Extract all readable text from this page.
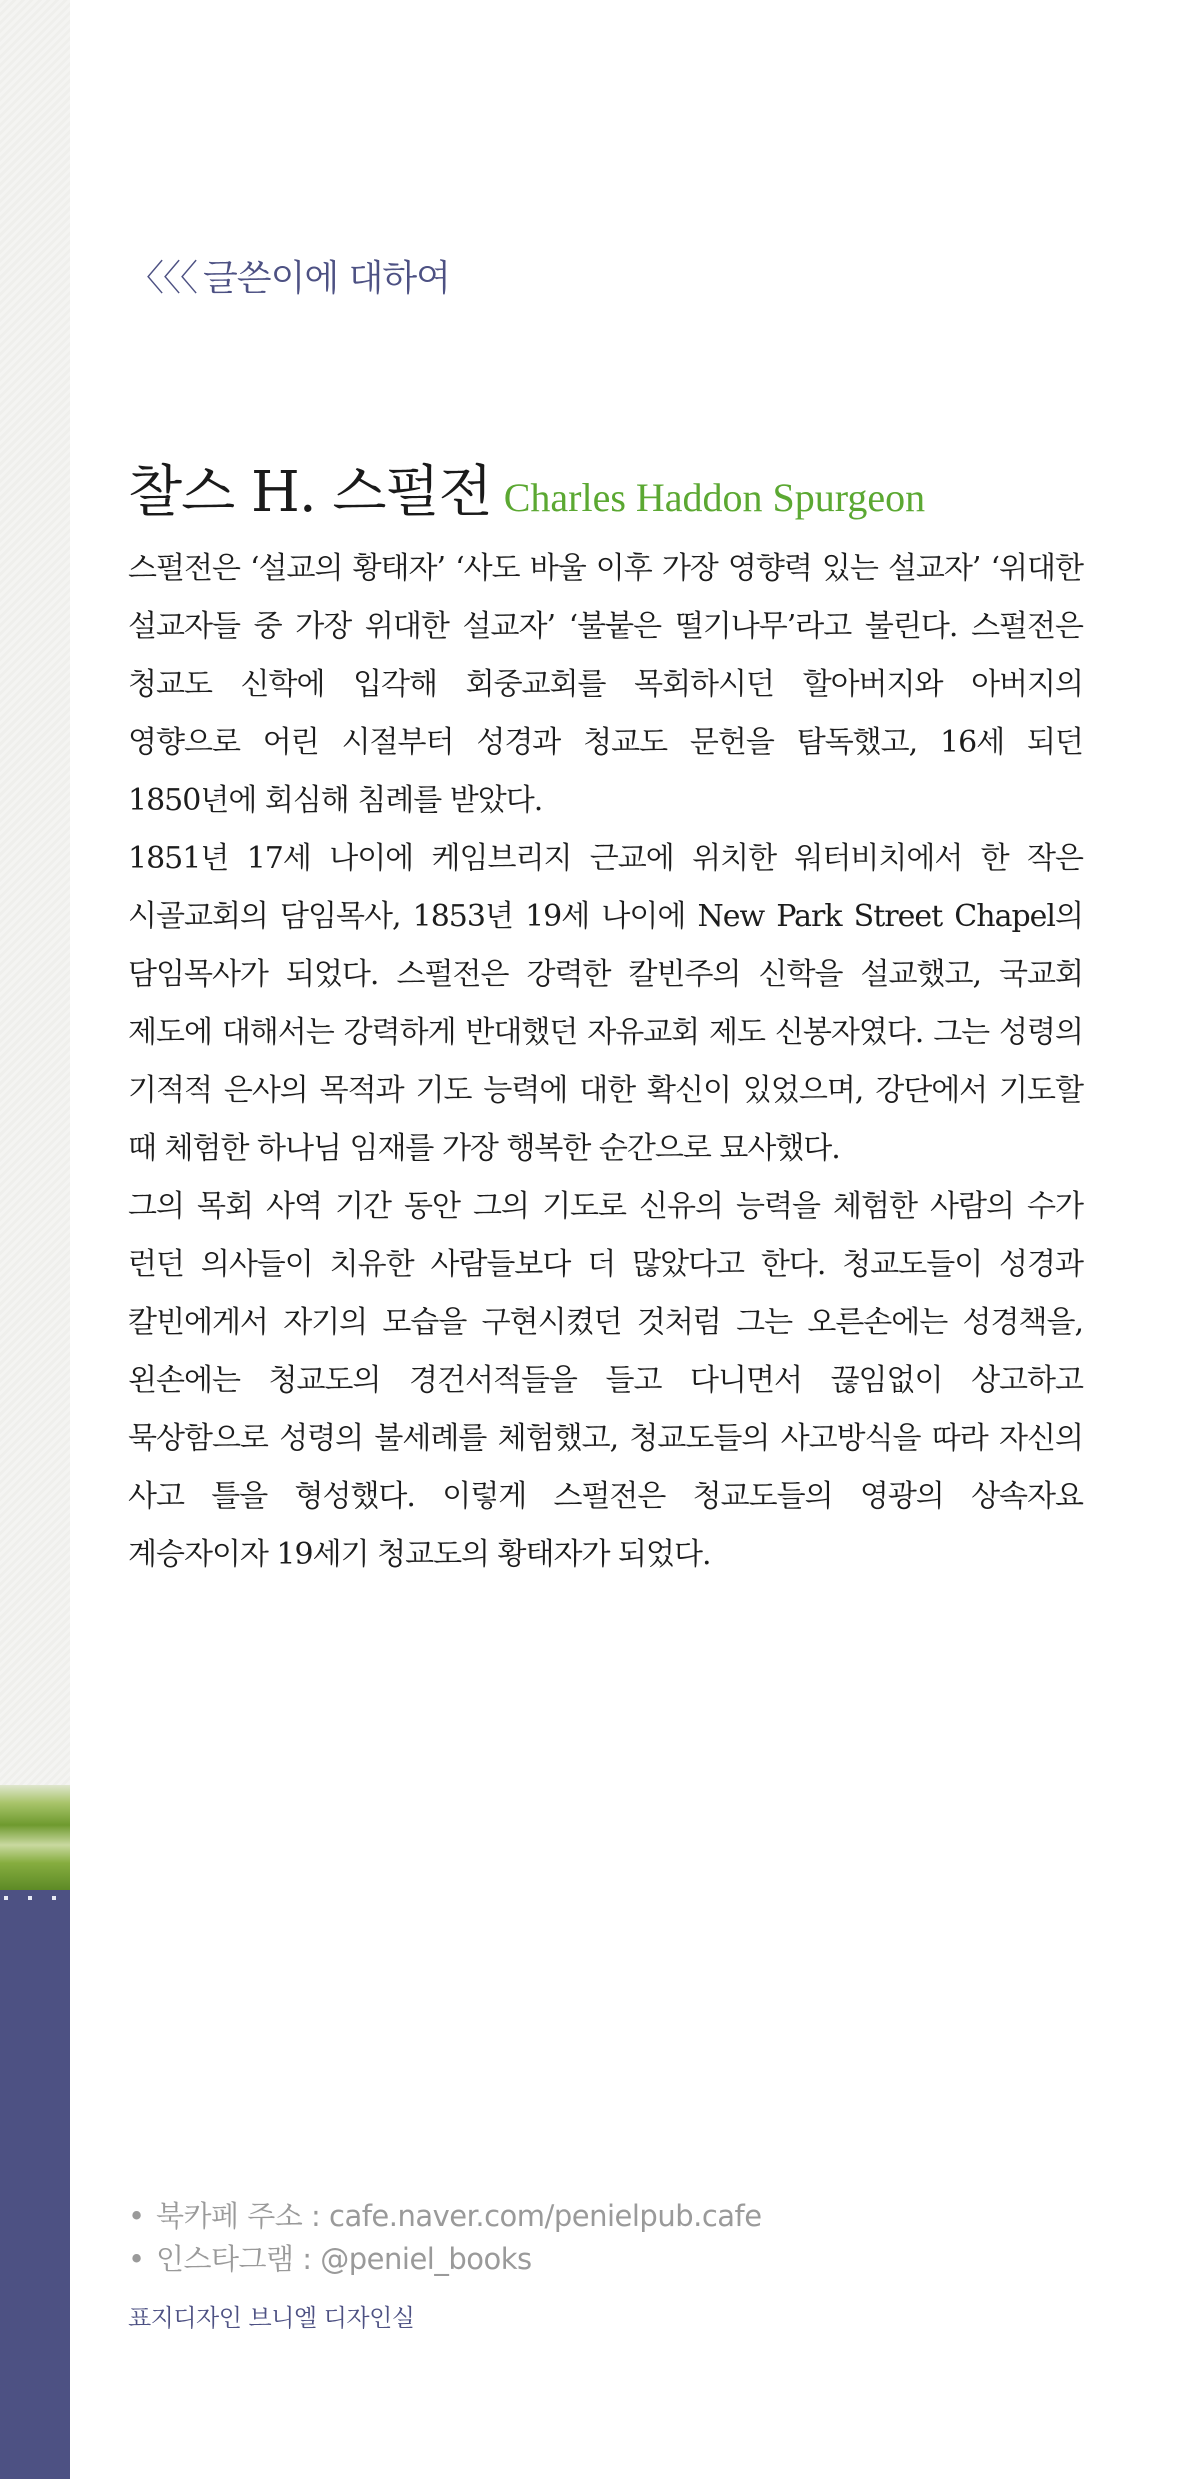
〈〈〈 글쓴이에 대하여
찰스 H. 스펄전 Charles Haddon Spurgeon

스펄전은 ‘설교의 황태자’ ‘사도 바울 이후 가장 영향력 있는 설교자’ ‘위대한 설교자들 중 가장 위대한 설교자’ ‘불붙은 떨기나무’라고 불린다. 스펄전은 청교도 신학에 입각해 회중교회를 목회하시던 할아버지와 아버지의 영향으로 어린 시절부터 성경과 청교도 문헌을 탐독했고, 16세 되던 1850년에 회심해 침례를 받았다.

1851년 17세 나이에 케임브리지 근교에 위치한 워터비치에서 한 작은 시골교회의 담임목사, 1853년 19세 나이에 New Park Street Chapel의 담임목사가 되었다. 스펄전은 강력한 칼빈주의 신학을 설교했고, 국교회 제도에 대해서는 강력하게 반대했던 자유교회 제도 신봉자였다. 그는 성령의 기적적 은사의 목적과 기도 능력에 대한 확신이 있었으며, 강단에서 기도할 때 체험한 하나님 임재를 가장 행복한 순간으로 묘사했다.

그의 목회 사역 기간 동안 그의 기도로 신유의 능력을 체험한 사람의 수가 런던 의사들이 치유한 사람들보다 더 많았다고 한다. 청교도들이 성경과 칼빈에게서 자기의 모습을 구현시켰던 것처럼 그는 오른손에는 성경책을, 왼손에는 청교도의 경건서적들을 들고 다니면서 끊임없이 상고하고 묵상함으로 성령의 불세례를 체험했고, 청교도들의 사고방식을 따라 자신의 사고 틀을 형성했다. 이렇게 스펄전은 청교도들의 영광의 상속자요 계승자이자 19세기 청교도의 황태자가 되었다.

• 북카페 주소 : cafe.naver.com/penielpub.cafe
• 인스타그램 : @peniel_books
표지디자인 브니엘 디자인실
